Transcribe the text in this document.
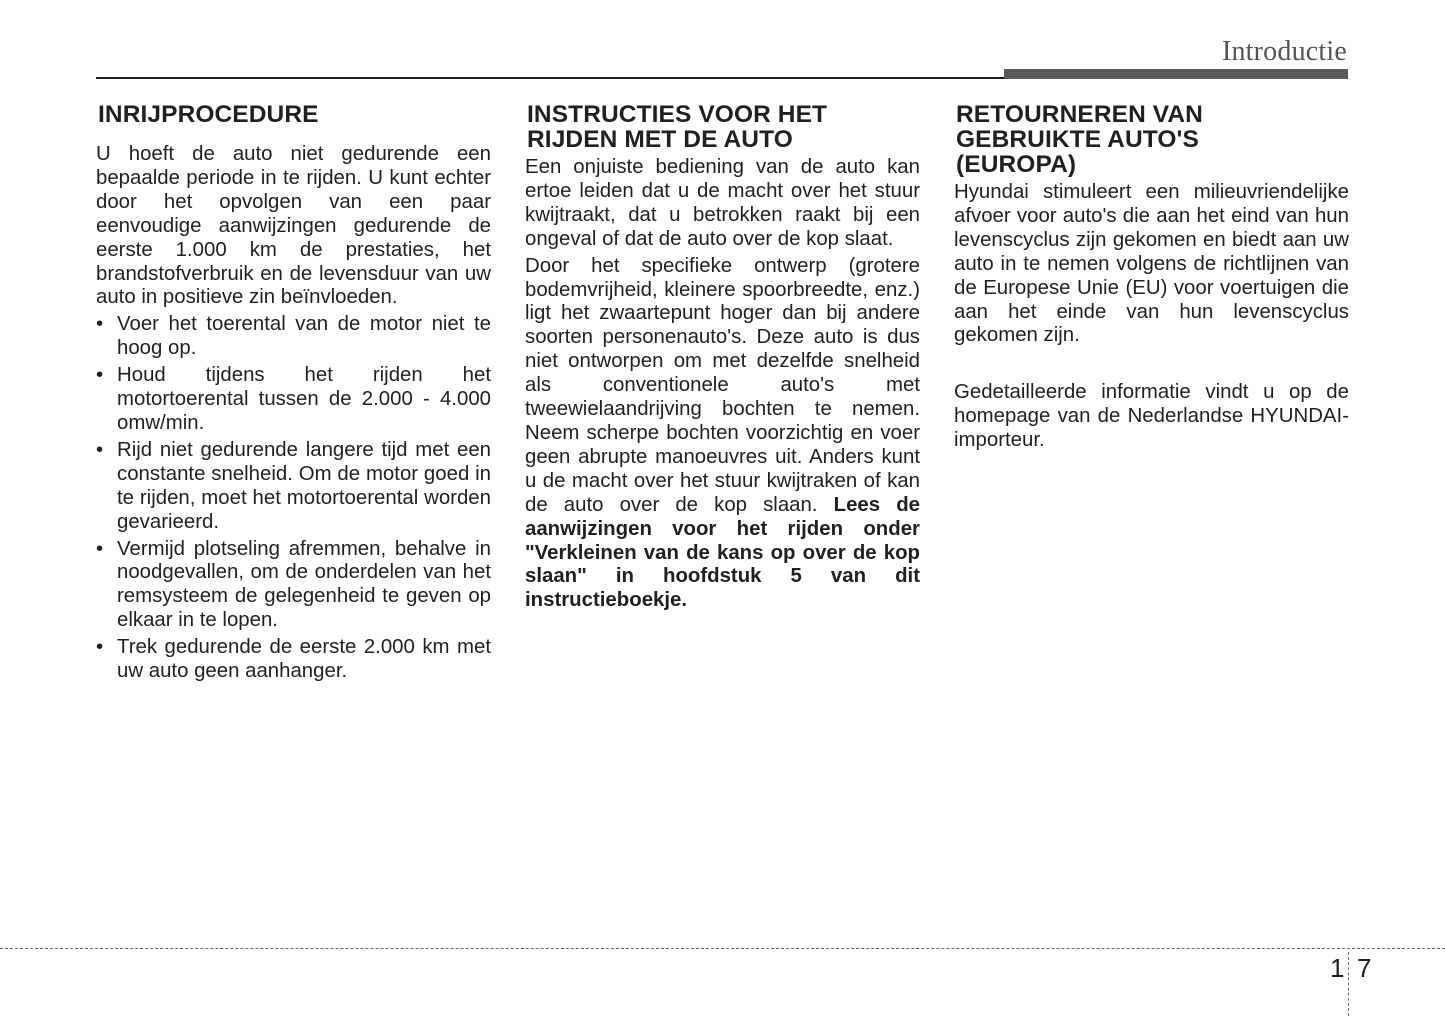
Introductie
INRIJPROCEDURE

U hoeft de auto niet gedurende een bepaalde periode in te rijden. U kunt echter door het opvolgen van een paar eenvoudige aanwijzingen gedurende de eerste 1.000 km de prestaties, het brandstofverbruik en de levensduur van uw auto in positieve zin beïnvloeden.

• Voer het toerental van de motor niet te hoog op.
• Houd tijdens het rijden het motortoerental tussen de 2.000 - 4.000 omw/min.
• Rijd niet gedurende langere tijd met een constante snelheid. Om de motor goed in te rijden, moet het motortoerental worden gevarieerd.
• Vermijd plotseling afremmen, behalve in noodgevallen, om de onderdelen van het remsysteem de gelegenheid te geven op elkaar in te lopen.
• Trek gedurende de eerste 2.000 km met uw auto geen aanhanger.
INSTRUCTIES VOOR HET
RIJDEN MET DE AUTO

Een onjuiste bediening van de auto kan ertoe leiden dat u de macht over het stuur kwijtraakt, dat u betrokken raakt bij een ongeval of dat de auto over de kop slaat.

Door het specifieke ontwerp (grotere bodemvrijheid, kleinere spoorbreedte, enz.) ligt het zwaartepunt hoger dan bij andere soorten personenauto's. Deze auto is dus niet ontworpen om met dezelfde snelheid als conventionele auto's met tweewielaandrijving bochten te nemen. Neem scherpe bochten voorzichtig en voer geen abrupte manoeuvres uit. Anders kunt u de macht over het stuur kwijtraken of kan de auto over de kop slaan. Lees de aanwijzingen voor het rijden onder "Verkleinen van de kans op over de kop slaan" in hoofdstuk 5 van dit instructieboekje.

RETOURNEREN VAN
GEBRUIKTE AUTO'S
(EUROPA)

Hyundai stimuleert een milieuvriendelijke afvoer voor auto's die aan het eind van hun levenscyclus zijn gekomen en biedt aan uw auto in te nemen volgens de richtlijnen van de Europese Unie (EU) voor voertuigen die aan het einde van hun levenscyclus gekomen zijn.

Gedetailleerde informatie vindt u op de homepage van de Nederlandse HYUNDAI-importeur.

1 7
